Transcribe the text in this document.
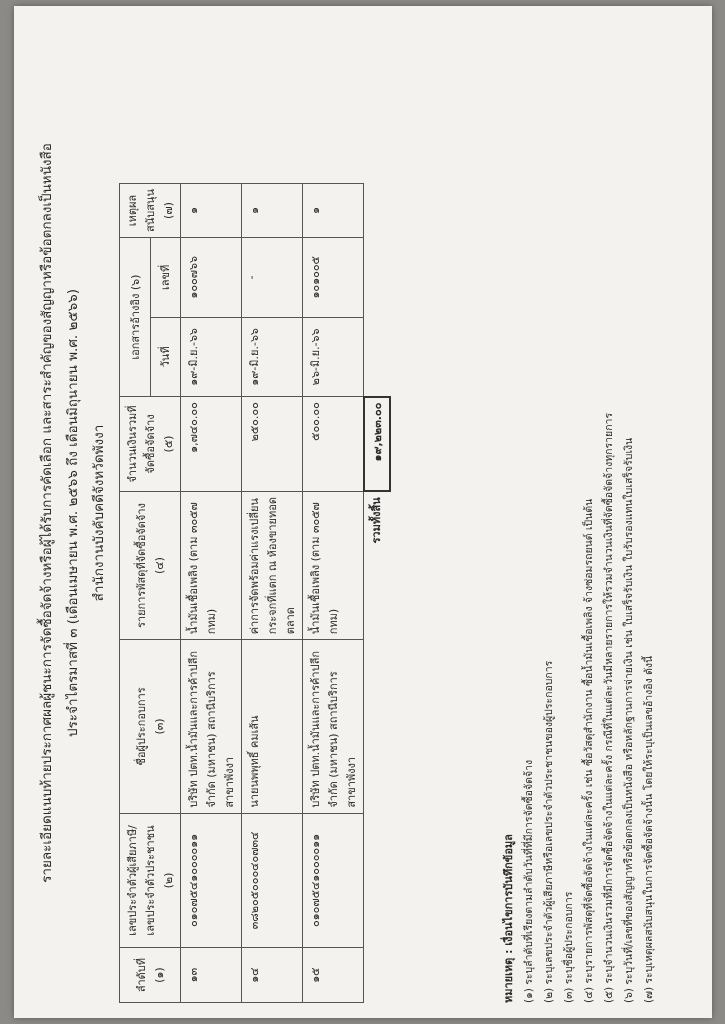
รายละเอียดแนบท้ายประกาศผลผู้ชนะการจัดซื้อจัดจ้างหรือผู้ได้รับการคัดเลือก และสาระสำคัญของสัญญาหรือข้อตกลงเป็นหนังสือ ประจำไตรมาสที่ ๓ (เดือนเมษายน พ.ศ. ๒๕๖๖ ถึง เดือนมิถุนายน พ.ศ. ๒๕๖๖) สำนักงานบังคับคดีจังหวัดพังงา
ลำดับที่ (๑)	เลขประจำตัวผู้เสียภาษี/เลขประจำตัวประชาชน (๒)	ชื่อผู้ประกอบการ (๓)	รายการพัสดุที่จัดซื้อจัดจ้าง (๔)	จำนวนเงินรวมที่จัดซื้อจัดจ้าง (๕)	เอกสารอ้างอิง (๖)		เหตุผลสนับสนุน (๗)
					วันที่	เลขที่	
๑๓	๐๑๐๗๕๔๑๐๐๐๐๑๑	บริษัท ปตท.น้ำมันและการค้าปลีก จำกัด (มหาชน) สถานีบริการสาขาพังงา	น้ำมันเชื้อเพลิง (ตาม ๓๐๕๗ กทม)	๑,๗๔๐.๐๐	๑๙-มิ.ย.-๖๖	๑๐๐๗๖๖	๑
๑๔	๓๘๒๐๕๐๐๐๔๐๗๓๔	นายนพพุทธิ์ คมเส้น	ค่าการจัดพร้อมค่าแรงเปลี่ยนกระจกที่แตก ณ ห้องขายทอดตลาด	๒๕๐.๐๐	๑๙-มิ.ย.-๖๖	-	๑
๑๕	๐๑๐๗๕๔๑๐๐๐๐๑๑	บริษัท ปตท.น้ำมันและการค้าปลีก จำกัด (มหาชน) สถานีบริการสาขาพังงา	น้ำมันเชื้อเพลิง (ตาม ๓๐๕๗ กทม)	๕๐๐.๐๐	๒๖-มิ.ย.-๖๖	๑๐๑๐๐๕	๑
รวมทั้งสิ้น				๑๙,๒๒๓.๐๐			
หมายเหตุ : เงื่อนไขการบันทึกข้อมูล (๑) ระบุลำดับที่เรียงตามลำดับวันที่ที่มีการจัดซื้อจัดจ้าง (๒) ระบุเลขประจำตัวผู้เสียภาษีหรือเลขประจำตัวประชาชนของผู้ประกอบการ (๓) ระบุชื่อผู้ประกอบการ (๔) ระบุรายการพัสดุที่จัดซื้อจัดจ้างในแต่ละครั้ง เช่น ซื้อวัสดุสำนักงาน ซื้อน้ำมันเชื้อเพลิง จ้างซ่อมรถยนต์ เป็นต้น (๕) ระบุจำนวนเงินรวมที่มีการจัดซื้อจัดจ้างในแต่ละครั้ง กรณีที่ในแต่ละวันมีหลายรายการให้รวมจำนวนเงินที่จัดซื้อจัดจ้างทุกรายการ (๖) ระบุวันที่/เลขที่ของสัญญาหรือข้อตกลงเป็นหนังสือ หรือหลักฐานการจ่ายเงิน เช่น ใบเสร็จรับเงิน ใบรับรองแทนใบเสร็จรับเงิน (๗) ระบุเหตุผลสนับสนุนในการจัดซื้อจัดจ้างนั้น โดยให้ระบุเป็นเลขอ้างอิง ดังนี้
